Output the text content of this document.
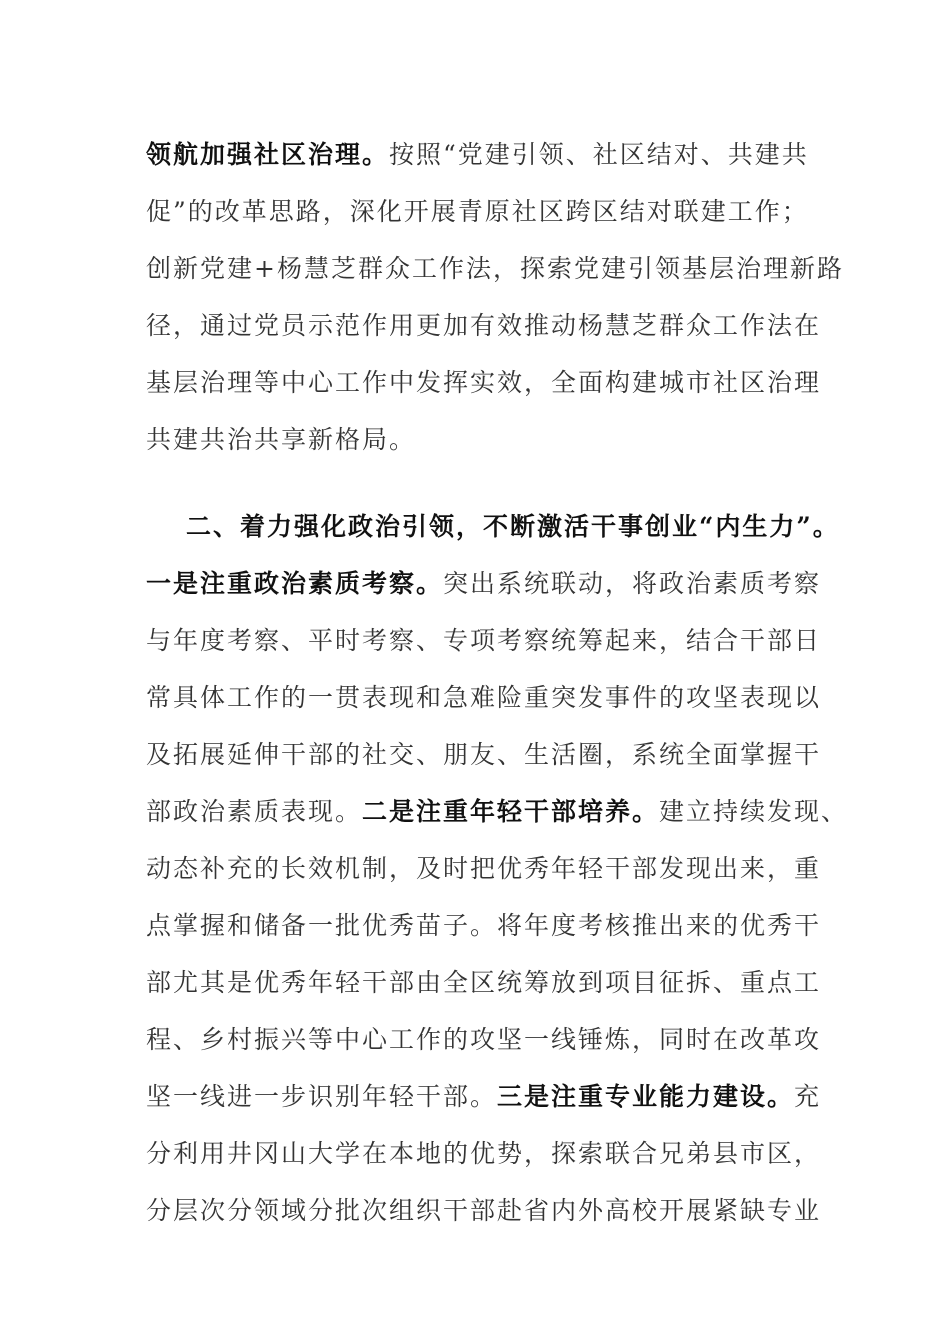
领航加强社区治理。按照“党建引领、社区结对、共建共
促”的改革思路，深化开展青原社区跨区结对联建工作；
创新党建+杨慧芝群众工作法，探索党建引领基层治理新路
径，通过党员示范作用更加有效推动杨慧芝群众工作法在
基层治理等中心工作中发挥实效，全面构建城市社区治理
共建共治共享新格局。
二、着力强化政治引领，不断激活干事创业“内生力”。
一是注重政治素质考察。突出系统联动，将政治素质考察
与年度考察、平时考察、专项考察统筹起来，结合干部日
常具体工作的一贯表现和急难险重突发事件的攻坚表现以
及拓展延伸干部的社交、朋友、生活圈，系统全面掌握干
部政治素质表现。二是注重年轻干部培养。建立持续发现、
动态补充的长效机制，及时把优秀年轻干部发现出来，重
点掌握和储备一批优秀苗子。将年度考核推出来的优秀干
部尤其是优秀年轻干部由全区统筹放到项目征拆、重点工
程、乡村振兴等中心工作的攻坚一线锤炼，同时在改革攻
坚一线进一步识别年轻干部。三是注重专业能力建设。充
分利用井冈山大学在本地的优势，探索联合兄弟县市区，
分层次分领域分批次组织干部赴省内外高校开展紧缺专业
